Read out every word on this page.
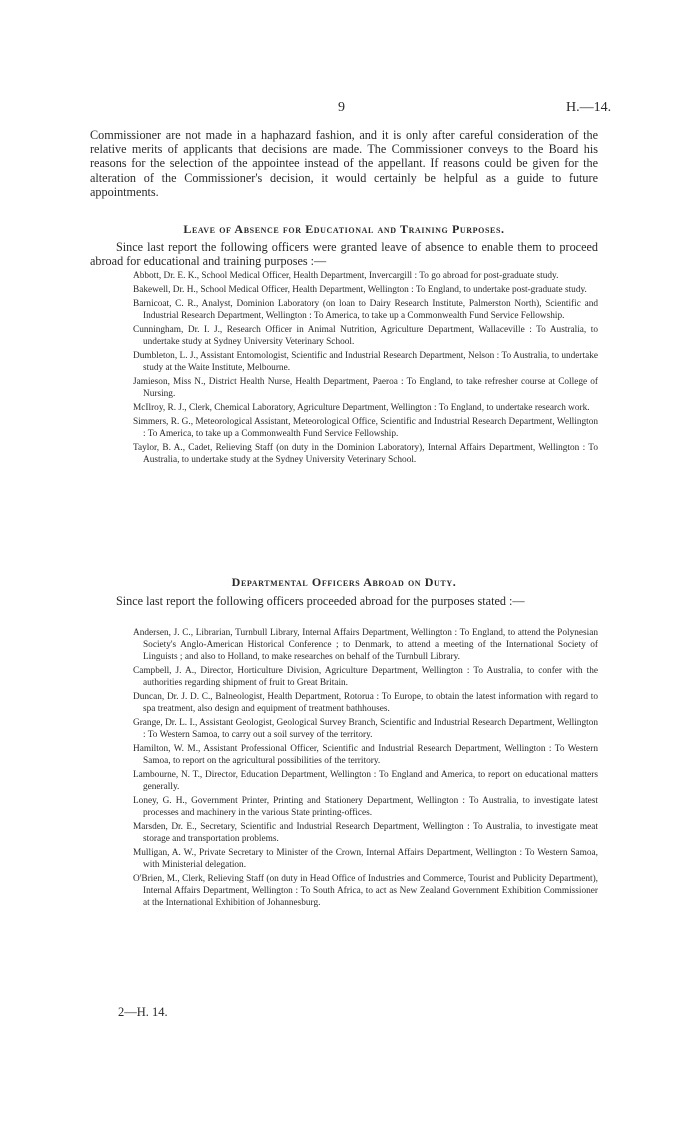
9	H.—14.

Commissioner are not made in a haphazard fashion, and it is only after careful consideration of the relative merits of applicants that decisions are made. The Commissioner conveys to the Board his reasons for the selection of the appointee instead of the appellant. If reasons could be given for the alteration of the Commissioner's decision, it would certainly be helpful as a guide to future appointments.

Leave of Absence for Educational and Training Purposes.

Since last report the following officers were granted leave of absence to enable them to proceed abroad for educational and training purposes :—

Abbott, Dr. E. K., School Medical Officer, Health Department, Invercargill : To go abroad for post-graduate study.
Bakewell, Dr. H., School Medical Officer, Health Department, Wellington : To England, to undertake post-graduate study.
Barnicoat, C. R., Analyst, Dominion Laboratory (on loan to Dairy Research Institute, Palmerston North), Scientific and Industrial Research Department, Wellington : To America, to take up a Commonwealth Fund Service Fellowship.
Cunningham, Dr. I. J., Research Officer in Animal Nutrition, Agriculture Department, Wallaceville : To Australia, to undertake study at Sydney University Veterinary School.
Dumbleton, L. J., Assistant Entomologist, Scientific and Industrial Research Department, Nelson : To Australia, to undertake study at the Waite Institute, Melbourne.
Jamieson, Miss N., District Health Nurse, Health Department, Paeroa : To England, to take refresher course at College of Nursing.
McIlroy, R. J., Clerk, Chemical Laboratory, Agriculture Department, Wellington : To England, to undertake research work.
Simmers, R. G., Meteorological Assistant, Meteorological Office, Scientific and Industrial Research Department, Wellington : To America, to take up a Commonwealth Fund Service Fellowship.
Taylor, B. A., Cadet, Relieving Staff (on duty in the Dominion Laboratory), Internal Affairs Department, Wellington : To Australia, to undertake study at the Sydney University Veterinary School.
Departmental Officers Abroad on Duty.

Since last report the following officers proceeded abroad for the purposes stated :—

Andersen, J. C., Librarian, Turnbull Library, Internal Affairs Department, Wellington : To England, to attend the Polynesian Society's Anglo-American Historical Conference ; to Denmark, to attend a meeting of the International Society of Linguists ; and also to Holland, to make researches on behalf of the Turnbull Library.
Campbell, J. A., Director, Horticulture Division, Agriculture Department, Wellington : To Australia, to confer with the authorities regarding shipment of fruit to Great Britain.
Duncan, Dr. J. D. C., Balneologist, Health Department, Rotorua : To Europe, to obtain the latest information with regard to spa treatment, also design and equipment of treatment bathhouses.
Grange, Dr. L. I., Assistant Geologist, Geological Survey Branch, Scientific and Industrial Research Department, Wellington : To Western Samoa, to carry out a soil survey of the territory.
Hamilton, W. M., Assistant Professional Officer, Scientific and Industrial Research Department, Wellington : To Western Samoa, to report on the agricultural possibilities of the territory.
Lambourne, N. T., Director, Education Department, Wellington : To England and America, to report on educational matters generally.
Loney, G. H., Government Printer, Printing and Stationery Department, Wellington : To Australia, to investigate latest processes and machinery in the various State printing-offices.
Marsden, Dr. E., Secretary, Scientific and Industrial Research Department, Wellington : To Australia, to investigate meat storage and transportation problems.
Mulligan, A. W., Private Secretary to Minister of the Crown, Internal Affairs Department, Wellington : To Western Samoa, with Ministerial delegation.
O'Brien, M., Clerk, Relieving Staff (on duty in Head Office of Industries and Commerce, Tourist and Publicity Department), Internal Affairs Department, Wellington : To South Africa, to act as New Zealand Government Exhibition Commissioner at the International Exhibition of Johannesburg.
2—H. 14.
